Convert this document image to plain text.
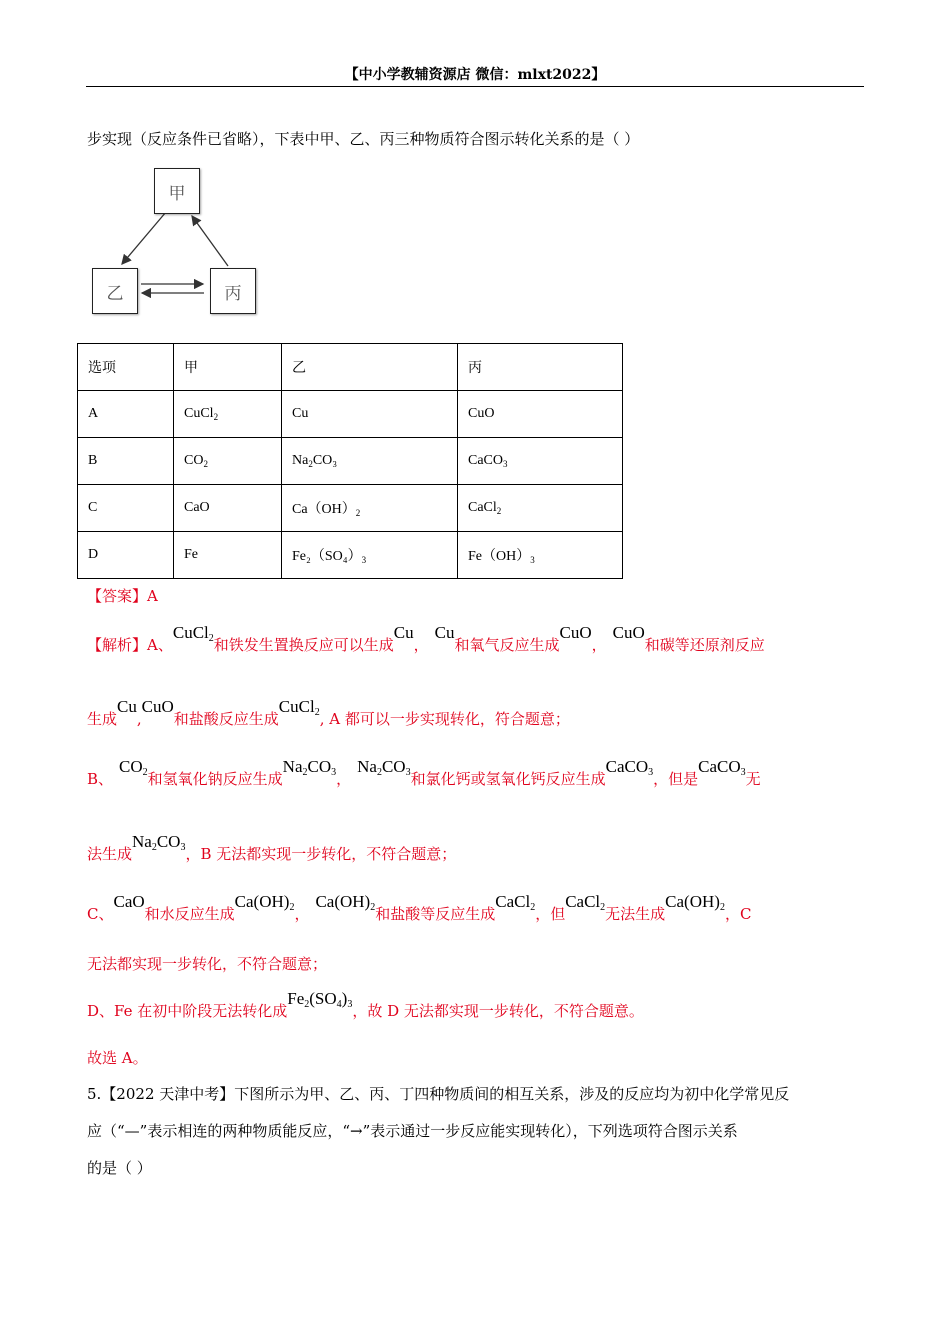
【中小学教辅资源店 微信：mlxt2022】
步实现（反应条件已省略），下表中甲、乙、丙三种物质符合图示转化关系的是（ ）
甲
乙	丙
选项	甲	乙	丙
A	CuCl$_2$	Cu	CuO
B	$CO_2$	$Na_2CO_3$	CaCO$_3$
C	CaO	$Ca(OH)_2$	CaCl$_2$
D	Fe	$Fe_2(SO_4)_3$	$Fe(OH)_3$
【答案】A
【解析】A、CuCl$_2$和铁发生置换反应可以生成Cu，Cu和氧气反应生成CuO，CuO和碳等还原剂反应
生成Cu,CuO和盐酸反应生成CuCl$_2$, A 都可以一步实现转化，符合题意；
B、$CO_2$和氢氧化钠反应生成$Na_2CO_3$，$Na_2CO_3$和氯化钙或氢氧化钙反应生成CaCO$_3$，但是CaCO$_3$无
法生成$Na_2CO_3$，B 无法都实现一步转化，不符合题意；
C、CaO和水反应生成$Ca(OH)_2$，$Ca(OH)_2$和盐酸等反应生成CaCl$_2$，但CaCl$_2$无法生成$Ca(OH)_2$，C
无法都实现一步转化，不符合题意；
D、Fe 在初中阶段无法转化成$Fe_2(SO_4)_3$，故 D 无法都实现一步转化，不符合题意。
故选 A。
5.【2022 天津中考】下图所示为甲、乙、丙、丁四种物质间的相互关系，涉及的反应均为初中化学常见反
应（“—”表示相连的两种物质能反应，“→”表示通过一步反应能实现转化），下列选项符合图示关系
的是（ ）
